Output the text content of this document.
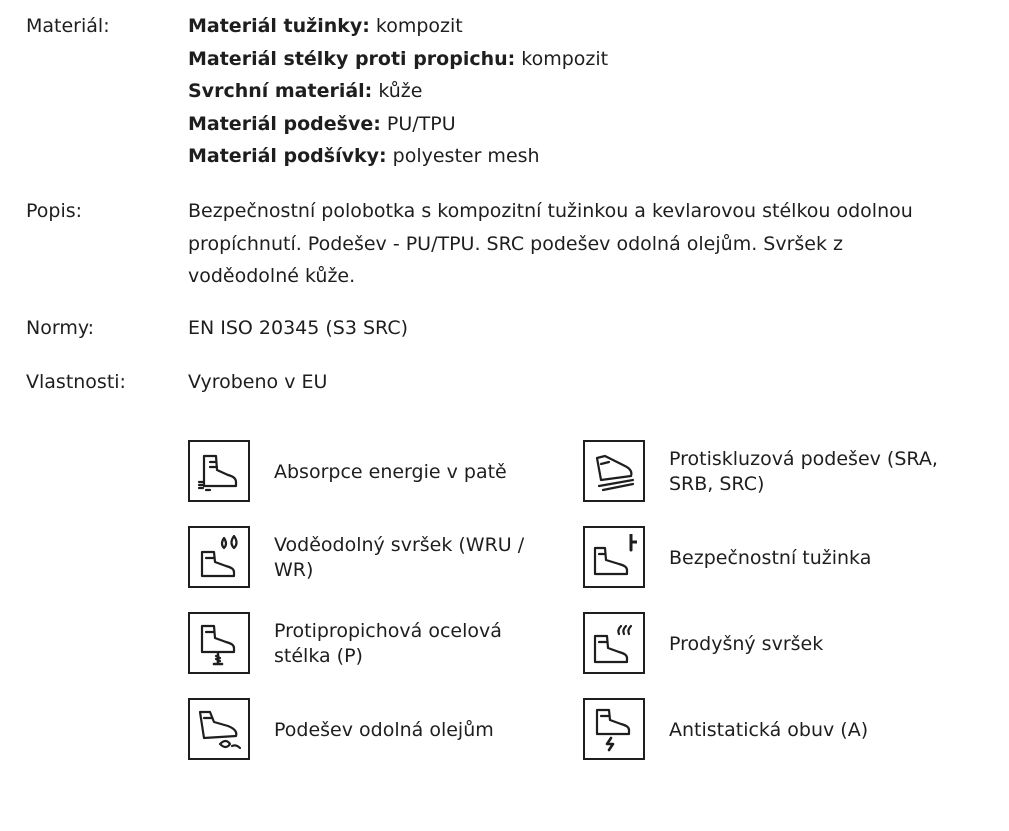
Materiál:	Materiál tužinky: kompozit
Materiál stélky proti propichu: kompozit
Svrchní materiál: kůže
Materiál podešve: PU/TPU
Materiál podšívky: polyester mesh
Popis:	Bezpečnostní polobotka s kompozitní tužinkou a kevlarovou stélkou odolnou propíchnutí. Podešev - PU/TPU. SRC podešev odolná olejům. Svršek z voděodolné kůže.
Normy:	EN ISO 20345 (S3 SRC)
Vlastnosti:	Vyrobeno v EU
Absorpce energie v patě
Protiskluzová podešev (SRA, SRB, SRC)
Voděodolný svršek (WRU / WR)
Bezpečnostní tužinka
Protipropichová ocelová stélka (P)
Prodyšný svršek
Podešev odolná olejům	Antistatická obuv (A)
